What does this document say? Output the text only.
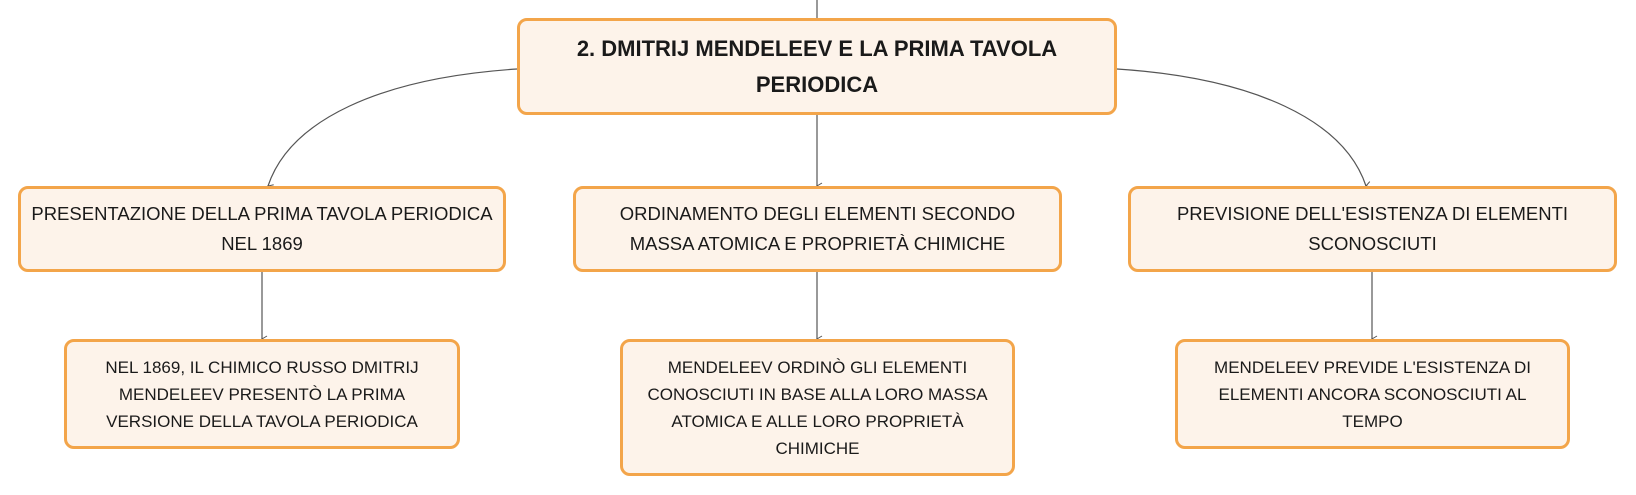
2. DMITRIJ MENDELEEV E LA PRIMA TAVOLA PERIODICA
PRESENTAZIONE DELLA PRIMA TAVOLA PERIODICA NEL 1869
ORDINAMENTO DEGLI ELEMENTI SECONDO MASSA ATOMICA E PROPRIETÀ CHIMICHE
PREVISIONE DELL'ESISTENZA DI ELEMENTI SCONOSCIUTI
NEL 1869, IL CHIMICO RUSSO DMITRIJ MENDELEEV PRESENTÒ LA PRIMA VERSIONE DELLA TAVOLA PERIODICA
MENDELEEV ORDINÒ GLI ELEMENTI CONOSCIUTI IN BASE ALLA LORO MASSA ATOMICA E ALLE LORO PROPRIETÀ CHIMICHE
MENDELEEV PREVIDE L'ESISTENZA DI ELEMENTI ANCORA SCONOSCIUTI AL TEMPO
